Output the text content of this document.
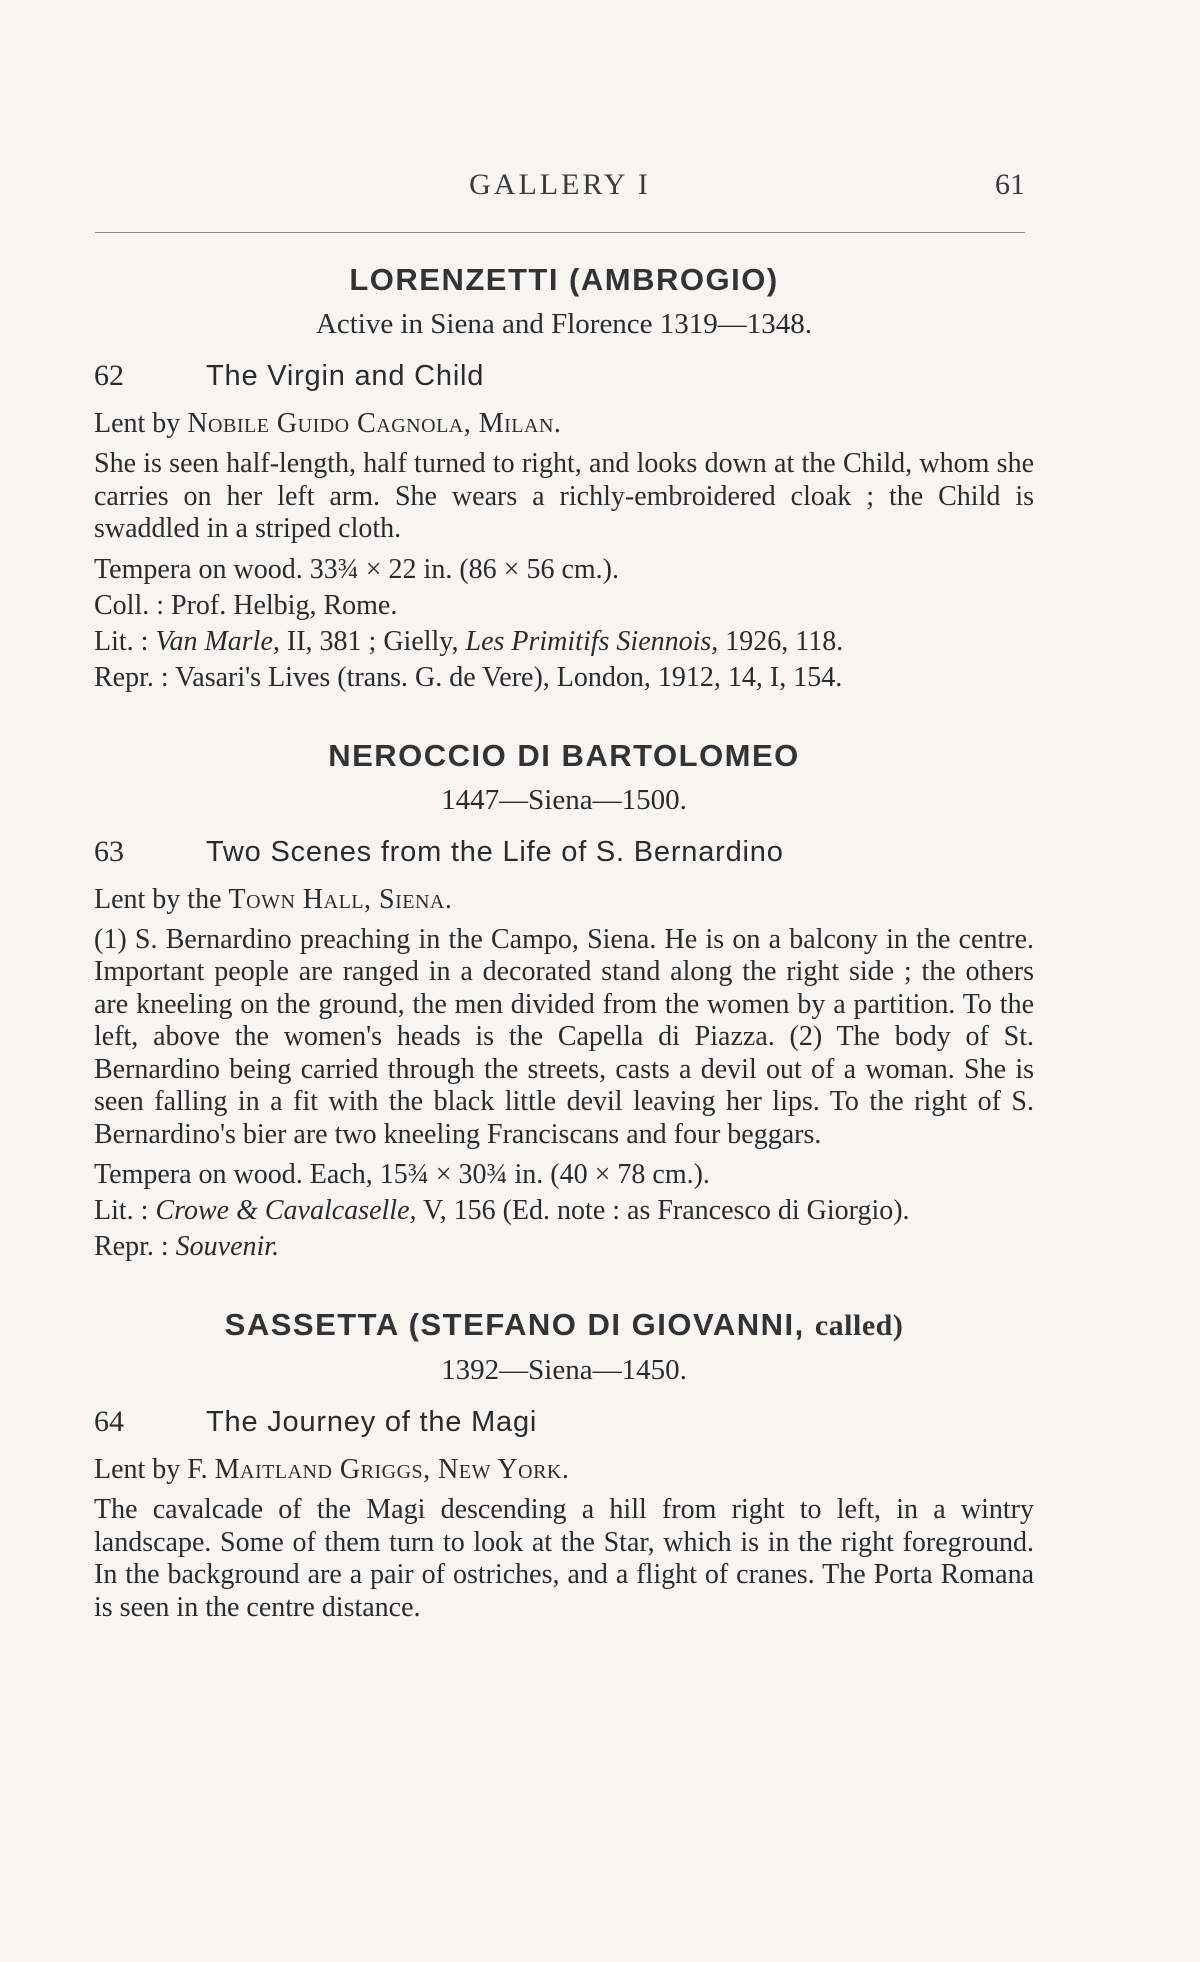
GALLERY I	61
LORENZETTI (AMBROGIO)
Active in Siena and Florence 1319—1348.
62	The Virgin and Child
Lent by Nobile Guido Cagnola, Milan.

She is seen half-length, half turned to right, and looks down at the Child, whom she carries on her left arm. She wears a richly-embroidered cloak ; the Child is swaddled in a striped cloth.

Tempera on wood. 33¾ × 22 in. (86 × 56 cm.).
Coll. : Prof. Helbig, Rome.
Lit. : Van Marle, II, 381 ; Gielly, Les Primitifs Siennois, 1926, 118.
Repr. : Vasari's Lives (trans. G. de Vere), London, 1912, 14, I, 154.
NEROCCIO DI BARTOLOMEO
1447—Siena—1500.
63	Two Scenes from the Life of S. Bernardino
Lent by the Town Hall, Siena.

(1) S. Bernardino preaching in the Campo, Siena. He is on a balcony in the centre. Important people are ranged in a decorated stand along the right side ; the others are kneeling on the ground, the men divided from the women by a partition. To the left, above the women's heads is the Capella di Piazza. (2) The body of St. Bernardino being carried through the streets, casts a devil out of a woman. She is seen falling in a fit with the black little devil leaving her lips. To the right of S. Bernardino's bier are two kneeling Franciscans and four beggars.

Tempera on wood. Each, 15¾ × 30¾ in. (40 × 78 cm.).
Lit. : Crowe & Cavalcaselle, V, 156 (Ed. note : as Francesco di Giorgio).
Repr. : Souvenir.
SASSETTA (STEFANO DI GIOVANNI, called)
1392—Siena—1450.
64	The Journey of the Magi
Lent by F. Maitland Griggs, New York.

The cavalcade of the Magi descending a hill from right to left, in a wintry landscape. Some of them turn to look at the Star, which is in the right foreground. In the background are a pair of ostriches, and a flight of cranes. The Porta Romana is seen in the centre distance.
